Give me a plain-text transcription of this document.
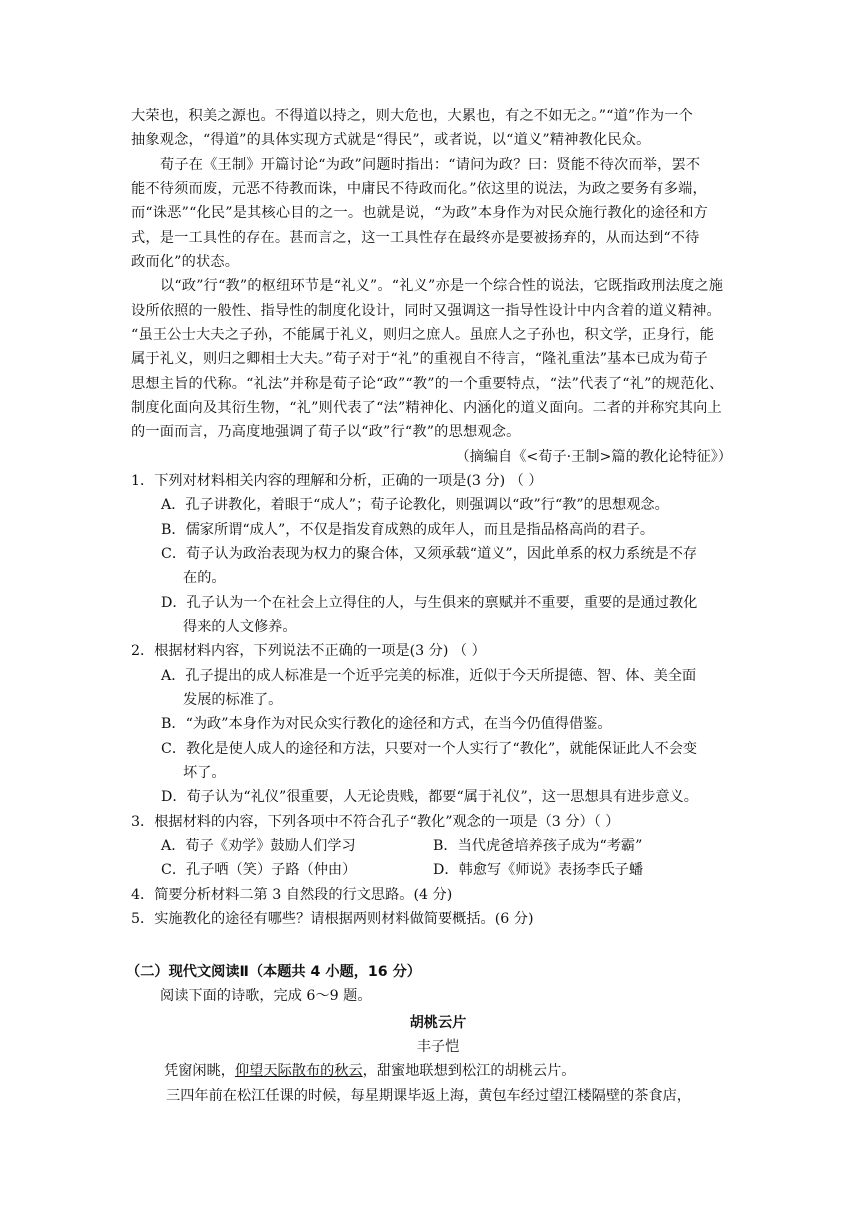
大荣也，积美之源也。不得道以持之，则大危也，大累也，有之不如无之。”“道”作为一个
抽象观念，“得道”的具体实现方式就是“得民”，或者说，以“道义”精神教化民众。
荀子在《王制》开篇讨论“为政”问题时指出：“请问为政？曰：贤能不待次而举，罢不
能不待须而废，元恶不待教而诛，中庸民不待政而化。”依这里的说法，为政之要务有多端，
而“诛恶”“化民”是其核心目的之一。也就是说，“为政”本身作为对民众施行教化的途径和方
式，是一工具性的存在。甚而言之，这一工具性存在最终亦是要被扬弃的，从而达到“不待
政而化”的状态。
以“政”行“教”的枢纽环节是“礼义”。“礼义”亦是一个综合性的说法，它既指政刑法度之施
设所依照的一般性、指导性的制度化设计，同时又强调这一指导性设计中内含着的道义精神。
“虽王公士大夫之子孙，不能属于礼义，则归之庶人。虽庶人之子孙也，积文学，正身行，能
属于礼义，则归之卿相士大夫。”荀子对于“礼”的重视自不待言，“隆礼重法”基本已成为荀子
思想主旨的代称。“礼法”并称是荀子论“政”“教”的一个重要特点，“法”代表了“礼”的规范化、
制度化面向及其衍生物，“礼”则代表了“法”精神化、内涵化的道义面向。二者的并称究其向上
的一面而言，乃高度地强调了荀子以“政”行“教”的思想观念。
（摘编自《<荀子·王制>篇的教化论特征》）
1．下列对材料相关内容的理解和分析，正确的一项是(3 分) （ ）
A．孔子讲教化，着眼于“成人”；荀子论教化，则强调以“政”行“教”的思想观念。
B．儒家所谓“成人”，不仅是指发育成熟的成年人，而且是指品格高尚的君子。
C．荀子认为政治表现为权力的聚合体，又须承载“道义”，因此单系的权力系统是不存
在的。
D．孔子认为一个在社会上立得住的人，与生俱来的禀赋并不重要，重要的是通过教化
得来的人文修养。
2．根据材料内容，下列说法不正确的一项是(3 分) （ ）
A．孔子提出的成人标准是一个近乎完美的标准，近似于今天所提德、智、体、美全面
发展的标准了。
B．“为政”本身作为对民众实行教化的途径和方式，在当今仍值得借鉴。
C．教化是使人成人的途径和方法，只要对一个人实行了“教化”，就能保证此人不会变
坏了。
D．荀子认为“礼仪”很重要，人无论贵贱，都要“属于礼仪”，这一思想具有进步意义。
3．根据材料的内容，下列各项中不符合孔子“教化”观念的一项是（3 分）（ ）
A．荀子《劝学》鼓励人们学习	B．当代虎爸培养孩子成为“考霸”
C．孔子哂（笑）子路（仲由）	D．韩愈写《师说》表扬李氏子蟠
4．简要分析材料二第 3 自然段的行文思路。(4 分)
5．实施教化的途径有哪些？请根据两则材料做简要概括。(6 分)
（二）现代文阅读Ⅱ（本题共 4 小题，16 分）
阅读下面的诗歌，完成 6～9 题。
胡桃云片
丰子恺
凭窗闲眺，仰望天际散布的秋云，甜蜜地联想到松江的胡桃云片。
三四年前在松江任课的时候，每星期课毕返上海，黄包车经过望江楼隔壁的茶食店，
